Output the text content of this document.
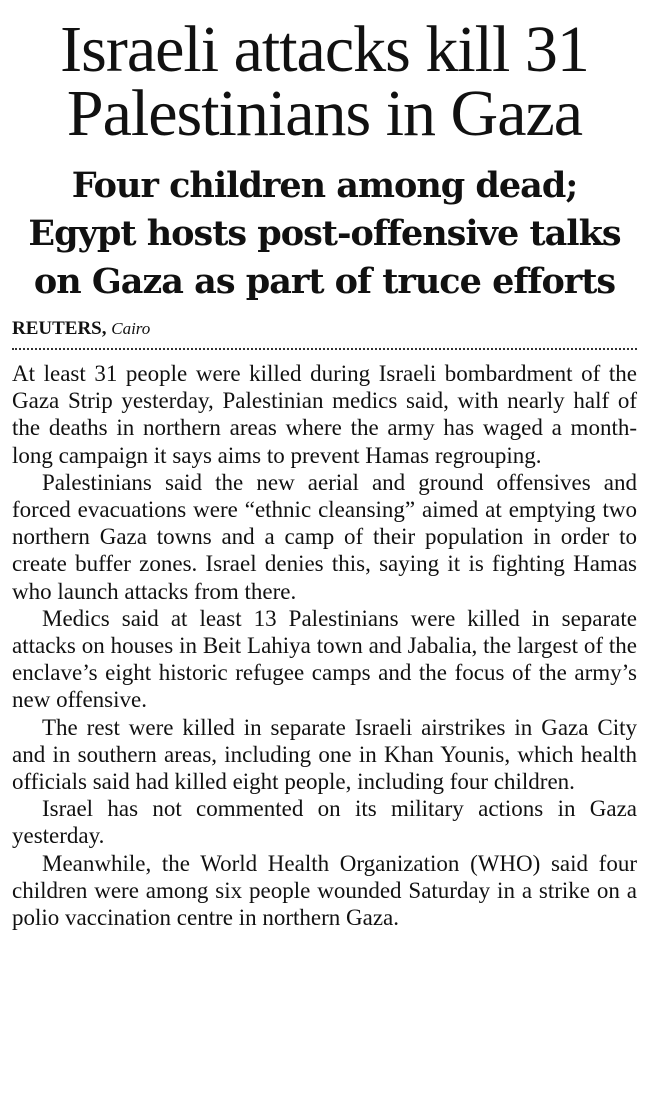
Israeli attacks kill 31
Palestinians in Gaza
Four children among dead;
Egypt hosts post-offensive talks
on Gaza as part of truce efforts
REUTERS, Cairo

At least 31 people were killed during Israeli bombardment of the Gaza Strip yesterday, Palestinian medics said, with nearly half of the deaths in northern areas where the army has waged a month-long campaign it says aims to prevent Hamas regrouping.

Palestinians said the new aerial and ground offensives and forced evacuations were “ethnic cleansing” aimed at emptying two northern Gaza towns and a camp of their population in order to create buffer zones. Israel denies this, saying it is fighting Hamas who launch attacks from there.

Medics said at least 13 Palestinians were killed in separate attacks on houses in Beit Lahiya town and Jabalia, the largest of the enclave’s eight historic refugee camps and the focus of the army’s new offensive.

The rest were killed in separate Israeli airstrikes in Gaza City and in southern areas, including one in Khan Younis, which health officials said had killed eight people, including four children.

Israel has not commented on its military actions in Gaza yesterday.

Meanwhile, the World Health Organization (WHO) said four children were among six people wounded Saturday in a strike on a polio vaccination centre in northern Gaza.
